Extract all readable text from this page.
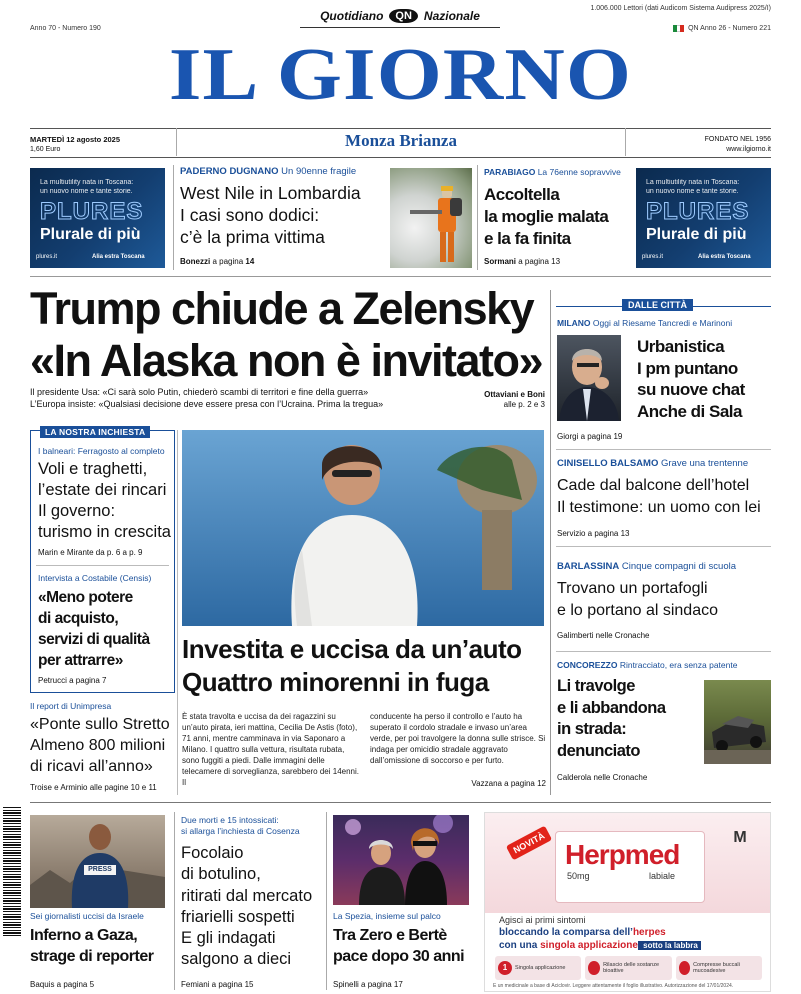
Anno 70 - Numero 190
Quotidiano	QN	Nazionale
1.006.000 Lettori (dati Audicom Sistema Audipress 2025/I)
QN Anno 26 - Numero 221
IL GIORNO
MARTEDÌ 12 agosto 2025
1,60 Euro	Monza Brianza	FONDATO NEL 1956
www.ilgiorno.it
La multiutility nata in Toscana:
un nuovo nome e tante storie.
PLURES
Plurale di più
plures.it	Alia estra Toscana
PADERNO DUGNANO Un 90enne fragile
West Nile in Lombardia
I casi sono dodici:
c’è la prima vittima
Bonezzi a pagina 14
PARABIAGO La 76enne sopravvive
Accoltella
la moglie malata
e la fa finita
Sormani a pagina 13
La multiutility nata in Toscana:
un nuovo nome e tante storie.
PLURES
Plurale di più
plures.it	Alia estra Toscana
Trump chiude a Zelensky
«In Alaska non è invitato»
Il presidente Usa: «Ci sarà solo Putin, chiederò scambi di territori e fine della guerra»
L’Europa insiste: «Qualsiasi decisione deve essere presa con l’Ucraina. Prima la tregua»
Ottaviani e Boni
alle p. 2 e 3
LA NOSTRA INCHIESTA
I balneari: Ferragosto al completo
Voli e traghetti,
l’estate dei rincari
Il governo:
turismo in crescita
Marin e Mirante da p. 6 a p. 9
Intervista a Costabile (Censis)
«Meno potere
di acquisto,
servizi di qualità
per attrarre»
Petrucci a pagina 7
Il report di Unimpresa
«Ponte sullo Stretto
Almeno 800 milioni
di ricavi all’anno»
Troise e Arminio alle pagine 10 e 11
Investita e uccisa da un’auto
Quattro minorenni in fuga
È stata travolta e uccisa da dei ragazzini su un’auto pirata, ieri mattina, Cecilia De Astis (foto), 71 anni, mentre camminava in via Saponaro a Milano. I quattro sulla vettura, risultata rubata, sono fuggiti a piedi. Dalle immagini delle telecamere di sorveglianza, sarebbero dei 14enni. Il
conducente ha perso il controllo e l’auto ha superato il cordolo stradale e invaso un’area verde, per poi travolgere la donna sulle strisce. Si indaga per omicidio stradale aggravato dall’omissione di soccorso e per furto.
Vazzana a pagina 12
DALLE CITTÀ
MILANO Oggi al Riesame Tancredi e Marinoni
Urbanistica
I pm puntano
su nuove chat
Anche di Sala
Giorgi a pagina 19
CINISELLO BALSAMO Grave una trentenne
Cade dal balcone dell’hotel
Il testimone: un uomo con lei
Servizio a pagina 13
BARLASSINA Cinque compagni di scuola
Trovano un portafogli
e lo portano al sindaco
Galimberti nelle Cronache
CONCOREZZO Rintracciato, era senza patente
Li travolge
e li abbandona
in strada:
denunciato
Calderola nelle Cronache
PRESS
Sei giornalisti uccisi da Israele
Inferno a Gaza,
strage di reporter
Baquis a pagina 5
Due morti e 15 intossicati:
si allarga l’inchiesta di Cosenza
Focolaio
di botulino,
ritirati dal mercato
friarielli sospetti
E gli indagati
salgono a dieci
Femiani a pagina 15
La Spezia, insieme sul palco
Tra Zero e Bertè
pace dopo 30 anni
Spinelli a pagina 17
NOVITÀ Herpmed
labiale
50mg
M
Agisci ai primi sintomi
bloccando la comparsa dell’herpes
con una singola applicazione sotto la labbra
1	Singola applicazione
Rilascio delle sostanze bioattive
Compresse buccali mucoadesive
È un medicinale a base di Aciclovir. Leggere attentamente il foglio illustrativo. Autorizzazione del 17/01/2024.
